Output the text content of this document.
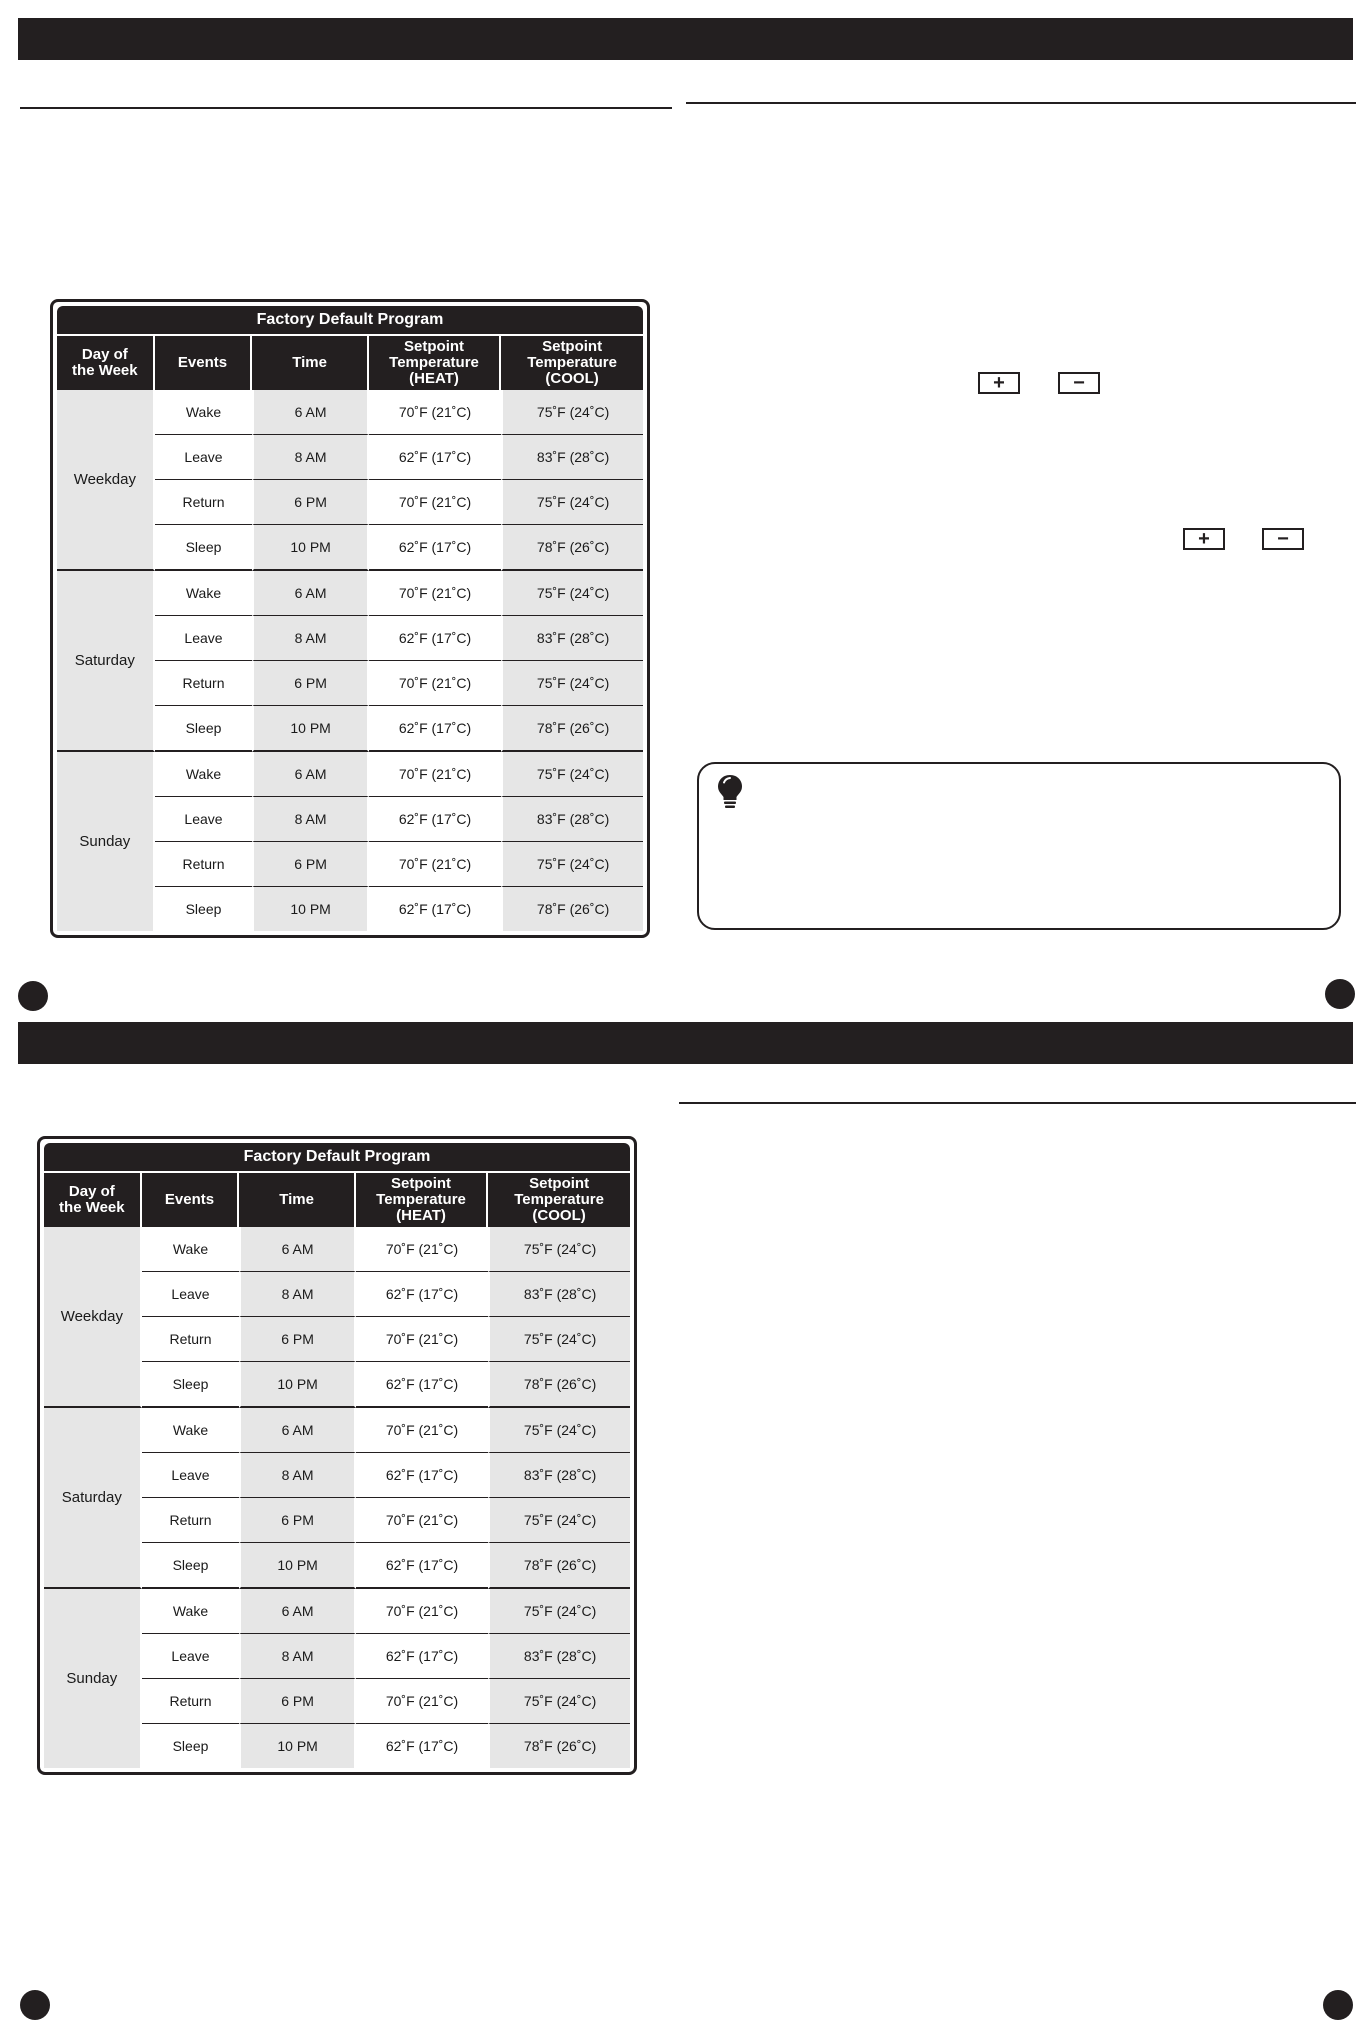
Factory Default Program
Day of
the Week	Events	Time	Setpoint
Temperature
(HEAT)	Setpoint
Temperature
(COOL)
Weekday	Wake	6 AM	70˚F (21˚C)	75˚F (24˚C)
	Leave	8 AM	62˚F (17˚C)	83˚F (28˚C)
	Return	6 PM	70˚F (21˚C)	75˚F (24˚C)
	Sleep	10 PM	62˚F (17˚C)	78˚F (26˚C)
Saturday	Wake	6 AM	70˚F (21˚C)	75˚F (24˚C)
	Leave	8 AM	62˚F (17˚C)	83˚F (28˚C)
	Return	6 PM	70˚F (21˚C)	75˚F (24˚C)
	Sleep	10 PM	62˚F (17˚C)	78˚F (26˚C)
Sunday	Wake	6 AM	70˚F (21˚C)	75˚F (24˚C)
	Leave	8 AM	62˚F (17˚C)	83˚F (28˚C)
	Return	6 PM	70˚F (21˚C)	75˚F (24˚C)
	Sleep	10 PM	62˚F (17˚C)	78˚F (26˚C)
+	−
+	−
Factory Default Program
Day of
the Week	Events	Time	Setpoint
Temperature
(HEAT)	Setpoint
Temperature
(COOL)
Weekday	Wake	6 AM	70˚F (21˚C)	75˚F (24˚C)
	Leave	8 AM	62˚F (17˚C)	83˚F (28˚C)
	Return	6 PM	70˚F (21˚C)	75˚F (24˚C)
	Sleep	10 PM	62˚F (17˚C)	78˚F (26˚C)
Saturday	Wake	6 AM	70˚F (21˚C)	75˚F (24˚C)
	Leave	8 AM	62˚F (17˚C)	83˚F (28˚C)
	Return	6 PM	70˚F (21˚C)	75˚F (24˚C)
	Sleep	10 PM	62˚F (17˚C)	78˚F (26˚C)
Sunday	Wake	6 AM	70˚F (21˚C)	75˚F (24˚C)
	Leave	8 AM	62˚F (17˚C)	83˚F (28˚C)
	Return	6 PM	70˚F (21˚C)	75˚F (24˚C)
	Sleep	10 PM	62˚F (17˚C)	78˚F (26˚C)
